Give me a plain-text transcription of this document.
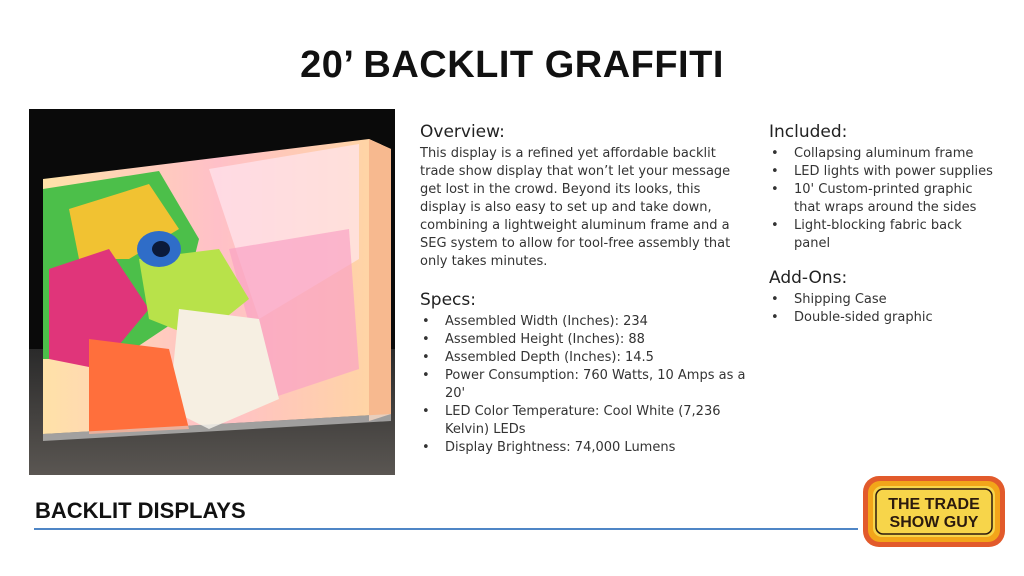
20’ BACKLIT GRAFFITI
Overview:
This display is a refined yet affordable backlit trade show display that won’t let your message get lost in the crowd. Beyond its looks, this display is also easy to set up and take down, combining a lightweight aluminum frame and a SEG system to allow for tool-free assembly that only takes minutes.
Specs:
• Assembled Width (Inches): 234
• Assembled Height (Inches): 88
• Assembled Depth (Inches): 14.5
• Power Consumption: 760 Watts, 10 Amps as a 20'
• LED Color Temperature: Cool White (7,236 Kelvin) LEDs
• Display Brightness: 74,000 Lumens
Included:
• Collapsing aluminum frame
• LED lights with power supplies
• 10' Custom-printed graphic that wraps around the sides
• Light-blocking fabric back panel
Add-Ons:
• Shipping Case
• Double-sided graphic
BACKLIT DISPLAYS	THE TRADE
SHOW GUY
